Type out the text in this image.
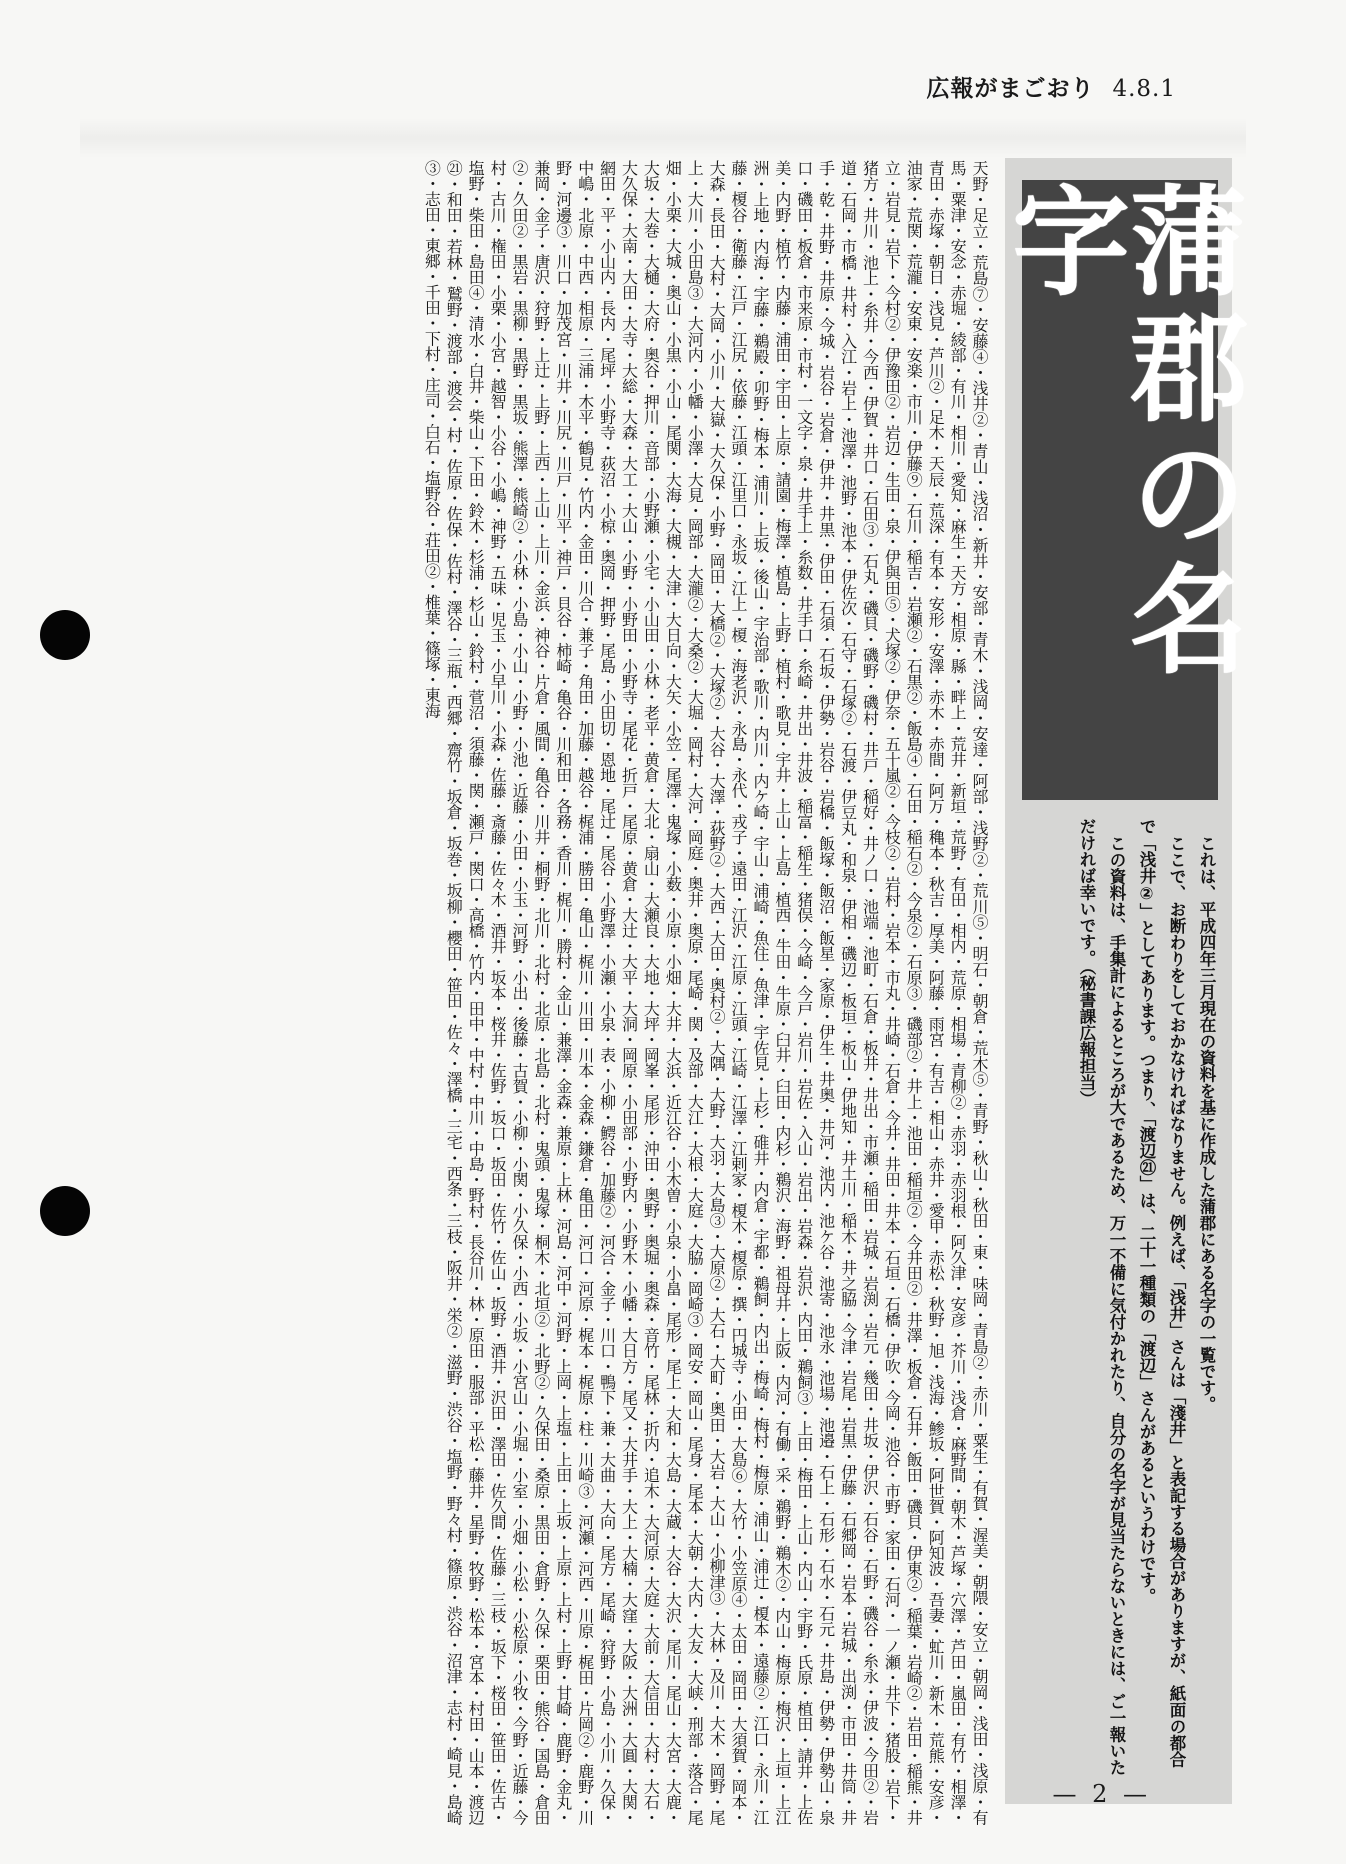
広報がまごおり 4.8.1
天野・足立・荒島⑦・安藤④・浅井②・青山・浅沼・新井・安部・青木・浅岡・安達・阿部・浅野②・荒川⑤・明石・朝倉・荒木⑤・青野・秋山・秋田・東・味岡・青島②・赤川・粟生・有賀・渥美・朝隈・安立・朝岡・浅田・浅原・有馬・粟津・安念・赤堀・綾部・有川・相川・愛知・麻生・天方・相原・縣・畔上・荒井・新垣・荒野・有田・相内・荒原・相場・青柳②・赤羽・赤羽根・阿久津・安彦・芥川・浅倉・麻野間・朝木・芦塚・穴澤・芦田・嵐田・有竹・相澤・青田・赤塚・朝日・浅見・芦川②・足木・天辰・荒深・有本・安形・安澤・赤木・赤間・阿万・穐本・秋吉・厚美・阿藤・雨宮・有吉・相山・赤井・愛甲・赤松・秋野・旭・浅海・鯵坂・阿世賀・阿知波・吾妻・虻川・新木・荒熊・安彦・油家・荒関・荒瀧・安東・安楽・市川・伊藤⑨・石川・稲吉・岩瀬②・石黒②・飯島④・石田・稲石②・今泉②・石原③・磯部②・井上・池田・稲垣②・今井田②・井澤・板倉・石井・飯田・磯貝・伊東②・稲葉・岩崎②・岩田・稲熊・井立・岩見・岩下・今村②・伊豫田②・岩辺・生田・泉・伊與田⑤・犬塚②・伊奈・五十嵐②・今枝②・岩村・岩本・市丸・井崎・石倉・今井・井田・井本・石垣・石橋・伊吹・今岡・池谷・市野・家田・石河・一ノ瀬・井下・猪股・岩下・猪方・井川・池上・糸井・今西・伊賀・井口・石田③・石丸・磯貝・磯野・磯村・井戸・稲好・井ノ口・池端・池町・石倉・板井・井出・市瀬・稲田・岩城・岩渕・岩元・幾田・井坂・伊沢・石谷・石野・磯谷・糸永・伊波・今田②・岩道・石岡・市橋・井村・入江・岩上・池澤・池野・池本・伊佐次・石守・石塚②・石渡・伊豆丸・和泉・伊相・磯辺・板垣・板山・伊地知・井土川・稲木・井之脇・今津・岩尾・岩黒・伊藤・石郷岡・岩本・岩城・出渕・市田・井筒・井手・乾・井野・井原・今城・岩谷・岩倉・伊井・井黒・伊田・石須・石坂・伊勢・岩谷・岩橋・飯塚・飯沼・飯星・家原・伊生・井奥・井河・池内・池ケ谷・池寄・池永・池場・池邉・石上・石形・石水・石元・井島・伊勢・伊勢山・泉口・磯田・板倉・市来原・市村・一文字・泉・井手上・糸数・井手口・糸崎・井出・井波・稲富・稲生・猪俣・今崎・今戸・岩川・岩佐・入山・岩出・岩森・岩沢・内田・鵜飼③・上田・梅田・上山・内山・宇野・氏原・植田・請井・上佐美・内野・植竹・内藤・浦田・宇田・上原・請園・梅澤・植島・上野・植村・歌見・宇井・上山・上島・植西・牛田・牛原・臼井・臼田・内杉・鵜沢・海野・祖母井・上阪・内河・有働・采・鵜野・鵜木②・内山・梅原・梅沢・上垣・上江洲・上地・内海・宇藤・鵜殿・卯野・梅本・浦川・上坂・後山・宇治部・歌川・内川・内ケ崎・宇山・浦崎・魚住・魚津・宇佐見・上杉・碓井・内倉・宇都・鵜飼・内出・梅崎・梅村・梅原・浦山・浦辻・榎本・遠藤②・江口・永川・江藤・榎谷・衛藤・江戸・江尻・依藤・江頭・江里口・永坂・江上・榎・海老沢・永島・永代・戎子・遠田・江沢・江原・江頭・江崎・江澤・江剌家・榎木・榎原・撰・円城寺・小田・大島⑥・大竹・小笠原④・太田・岡田・大須賀・岡本・大森・長田・大村・大岡・小川・大嶽・大久保・小野・岡田・大橋②・大塚②・大谷・大澤・荻野②・大西・大田・奥村②・大隅・大野・大羽・大島③・大原②・大石・大町・奥田・大岩・大山・小柳津③・大林・及川・大木・岡野・尾上・大川・小田島③・大河内・小幡・小澤・大見・岡部・大瀧②・大桑②・大堀・岡村・大河・岡庭・奥井・奥原・尾崎・関・及部・大江・大根・大庭・大脇・岡崎③・岡安・岡山・尾身・尾本・大朝・大内・大友・大峡・刑部・落合・尾畑・小栗・大城・奥山・小黒・小山・尾関・大海・大槻・大津・大日向・大矢・小笠・尾澤・鬼塚・小薮・小原・小畑・大井・大浜・近江谷・小木曽・小泉・小畠・尾形・尾上・大和・大島・大蔵・大谷・大沢・尾川・尾山・大宮・大鹿・大坂・大巻・大樋・大府・奥谷・押川・音部・小野瀬・小宅・小山田・小林・老平・黄倉・大北・扇山・大瀬良・大地・大坪・岡峯・尾形・沖田・奥野・奥堀・奥森・音竹・尾林・折内・追木・大河原・大庭・大前・大信田・大村・大石・大久保・大南・大田・大寺・大総・大森・大工・大山・小野・小野田・小野寺・尾花・折戸・尾原・黄倉・大辻・大平・大洞・岡原・小田部・小野内・小野木・小幡・大日方・尾又・大井手・大上・大楠・大窪・大阪・大洲・大圓・大関・網田・平・小山内・長内・尾坪・小野寺・荻沼・小椋・奥岡・押野・尾島・小田切・恩地・尾辻・尾谷・小野澤・小瀬・小泉・表・小柳・鰐谷・加藤②・河合・金子・川口・鴨下・兼・大曲・大向・尾方・尾崎・狩野・小島・小川・久保・中嶋・北原・中西・相原・三浦・木平・鶴見・竹内・金田・川合・兼子・角田・加藤・越谷・梶浦・勝田・亀山・梶川・川田・川本・金森・鎌倉・亀田・河口・河原・梶本・梶原・柱・川崎③・河瀬・河西・川原・梶田・片岡②・鹿野・川野・河邊③・川口・加茂宮・川井・川尻・川戸・川平・神戸・貝谷・柿崎・亀谷・川和田・各務・香川・梶川・勝村・金山・兼澤・金森・兼原・上林・河島・河中・河野・上岡・上塩・上田・上坂・上原・上村・上野・甘崎・鹿野・金丸・兼岡・金子・唐沢・狩野・上辻・上野・上西・上山・上川・金浜・神谷・片倉・風間・亀谷・川井・桐野・北川・北村・北原・北島・北村・鬼頭・鬼塚・桐木・北垣②・北野②・久保田・桑原・黒田・倉野・久保・栗田・熊谷・国島・倉田②・久田②・黒岩・黒柳・黒野・黒坂・熊澤・熊崎②・小林・小島・小山・小野・小池・近藤・小田・小玉・河野・小出・後藤・古賀・小柳・小関・小久保・小西・小坂・小宮山・小堀・小室・小畑・小松・小松原・小牧・今野・近藤・今村・古川・権田・小栗・小宮・越智・小谷・小嶋・神野・五味・児玉・小早川・小森・佐藤・斎藤・佐々木・酒井・坂本・桜井・佐野・坂口・坂田・佐竹・佐山・坂野・酒井・沢田・澤田・佐久間・佐藤・三枝・坂下・桜田・笹田・佐古・塩野・柴田・島田④・清水・白井・柴山・下田・鈴木・杉浦・杉山・鈴村・菅沼・須藤・関・瀬戸・関口・高橋・竹内・田中・中村・中川・中島・野村・長谷川・林・原田・服部・平松・藤井・星野・牧野・松本・宮本・村田・山本・渡辺㉑・和田・若林・鷲野・渡部・渡会・村・佐原・佐保・佐村・澤谷・三瓶・西郷・齋竹・坂倉・坂巻・坂柳・櫻田・笹田・佐々・澤橋・三宅・西条・三枝・阪井・栄②・滋野・渋谷・塩野・野々村・篠原・渋谷・沼津・志村・崎見・島崎③・志田・東郷・千田・下村・庄司・白石・塩野谷・荘田②・椎葉・篠塚・東海	蒲郡の名字

これは、平成四年三月現在の資料を基に作成した蒲郡にある名字の一覧です。

ここで、お断わりをしておかなければなりません。例えば、「浅井」さんは「淺井」と表記する場合がありますが、紙面の都合で「浅井②」としてあります。つまり、「渡辺㉑」は、二十一種類の「渡辺」さんがあるというわけです。

この資料は、手集計によるところが大であるため、万一不備に気付かれたり、自分の名字が見当たらないときには、ご一報いただければ幸いです。（秘書課広報担当）

— 2 —
